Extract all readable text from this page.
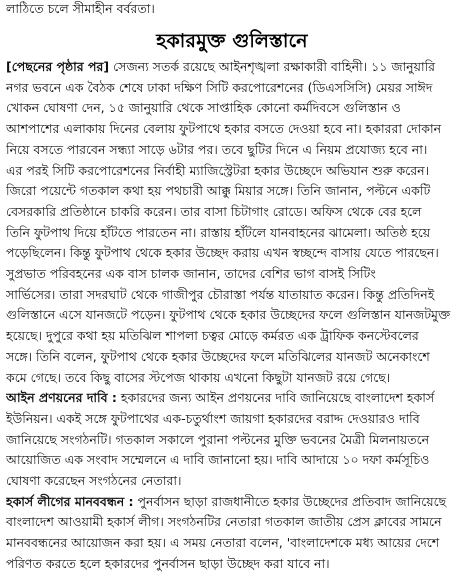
লাঠিতে চলে সীমাহীন বর্বরতা।

হকারমুক্ত গুলিস্তানে
[পেছনের পৃষ্ঠার পর] সেজন্য সতর্ক রয়েছে আইনশৃঙ্খলা রক্ষাকারী বাহিনী। ১১ জানুয়ারি
নগর ভবনে এক বৈঠক শেষে ঢাকা দক্ষিণ সিটি করপোরেশনের (ডিএসসিসি) মেয়র সাঈদ
খোকন ঘোষণা দেন, ১৫ জানুয়ারি থেকে সাপ্তাহিক কোনো কর্মদিবসে গুলিস্তান ও
আশপাশের এলাকায় দিনের বেলায় ফুটপাথে হকার বসতে দেওয়া হবে না। হকাররা দোকান
নিয়ে বসতে পারবেন সন্ধ্যা সাড়ে ৬টার পর। তবে ছুটির দিনে এ নিয়ম প্রযোজ্য হবে না।
এর পরই সিটি করপোরেশনের নির্বাহী ম্যাজিস্ট্রেটরা হকার উচ্ছেদে অভিযান শুরু করেন।
জিরো পয়েন্টে গতকাল কথা হয় পথচারী আক্কু মিয়ার সঙ্গে। তিনি জানান, পল্টনে একটি
বেসরকারি প্রতিষ্ঠানে চাকরি করেন। তার বাসা চিটাগাং রোডে। অফিস থেকে বের হলে
তিনি ফুটপাথ দিয়ে হাঁটতে পারতেন না। রাস্তায় হাঁটলে যানবাহনের ঝামেলা। অতিষ্ঠ হয়ে
পড়েছিলেন। কিন্তু ফুটপাথ থেকে হকার উচ্ছেদ করায় এখন স্বচ্ছন্দে বাসায় যেতে পারছেন।
সুপ্রভাত পরিবহনের এক বাস চালক জানান, তাদের বেশির ভাগ বাসই সিটিং
সার্ভিসের। তারা সদরঘাট থেকে গাজীপুর চৌরাস্তা পর্যন্ত যাতায়াত করেন। কিন্তু প্রতিদিনই
গুলিস্তানে এসে যানজটে পড়েন। ফুটপাথ থেকে হকার উচ্ছেদের ফলে গুলিস্তান যানজটমুক্ত
হয়েছে। দুপুরে কথা হয় মতিঝিল শাপলা চত্বর মোড়ে কর্মরত এক ট্রাফিক কনস্টেবলের
সঙ্গে। তিনি বলেন, ফুটপাথ থেকে হকার উচ্ছেদের ফলে মতিঝিলের যানজট অনেকাংশে
কমে গেছে। তবে কিছু বাসের স্টপেজ থাকায় এখনো কিছুটা যানজট রয়ে গেছে।
আইন প্রণয়নের দাবি : হকারদের জন্য আইন প্রণয়নের দাবি জানিয়েছে বাংলাদেশ হকার্স
ইউনিয়ন। একই সঙ্গে ফুটপাথের এক-চতুর্থাংশ জায়গা হকারদের বরাদ্দ দেওয়ারও দাবি
জানিয়েছে সংগঠনটি। গতকাল সকালে পুরানা পল্টনের মুক্তি ভবনের মৈত্রী মিলনায়তনে
আয়োজিত এক সংবাদ সম্মেলনে এ দাবি জানানো হয়। দাবি আদায়ে ১০ দফা কর্মসূচিও
ঘোষণা করেছেন সংগঠনের নেতারা।
হকার্স লীগের মানববন্ধন : পুনর্বাসন ছাড়া রাজধানীতে হকার উচ্ছেদের প্রতিবাদ জানিয়েছে
বাংলাদেশ আওয়ামী হকার্স লীগ। সংগঠনটির নেতারা গতকাল জাতীয় প্রেস ক্লাবের সামনে
মানববন্ধনের আয়োজন করা হয়। এ সময় নেতারা বলেন, 'বাংলাদেশকে মধ্য আয়ের দেশে
পরিণত করতে হলে হকারদের পুনর্বাসন ছাড়া উচ্ছেদ করা যাবে না।
